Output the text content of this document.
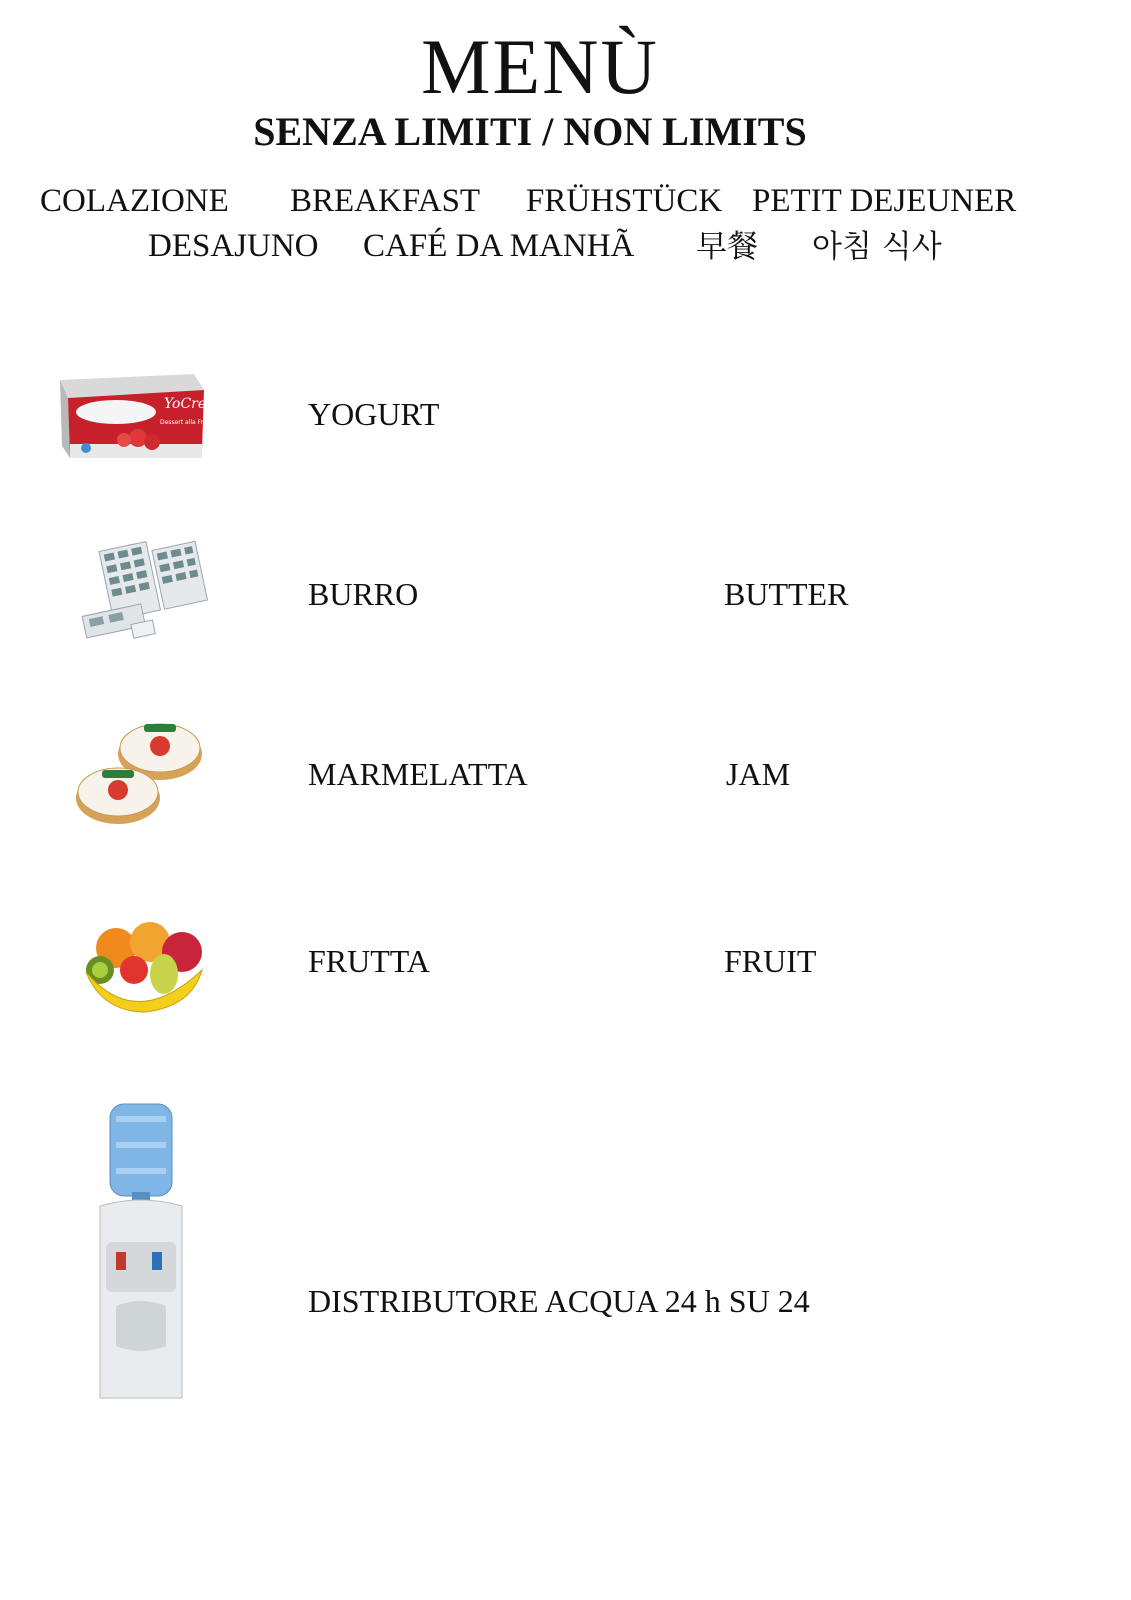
MENÙ
SENZA LIMITI / NON LIMITS
COLAZIONE BREAKFAST FRÜHSTÜCK PETIT DEJEUNER
DESAJUNO CAFÉ DA MANHÃ 早餐 아침 식사
YoCrem
Dessert alla Fragola	YOGURT
BURRO	BUTTER
MARMELATTA	JAM
FRUTTA	FRUIT
DISTRIBUTORE ACQUA 24 h SU 24
